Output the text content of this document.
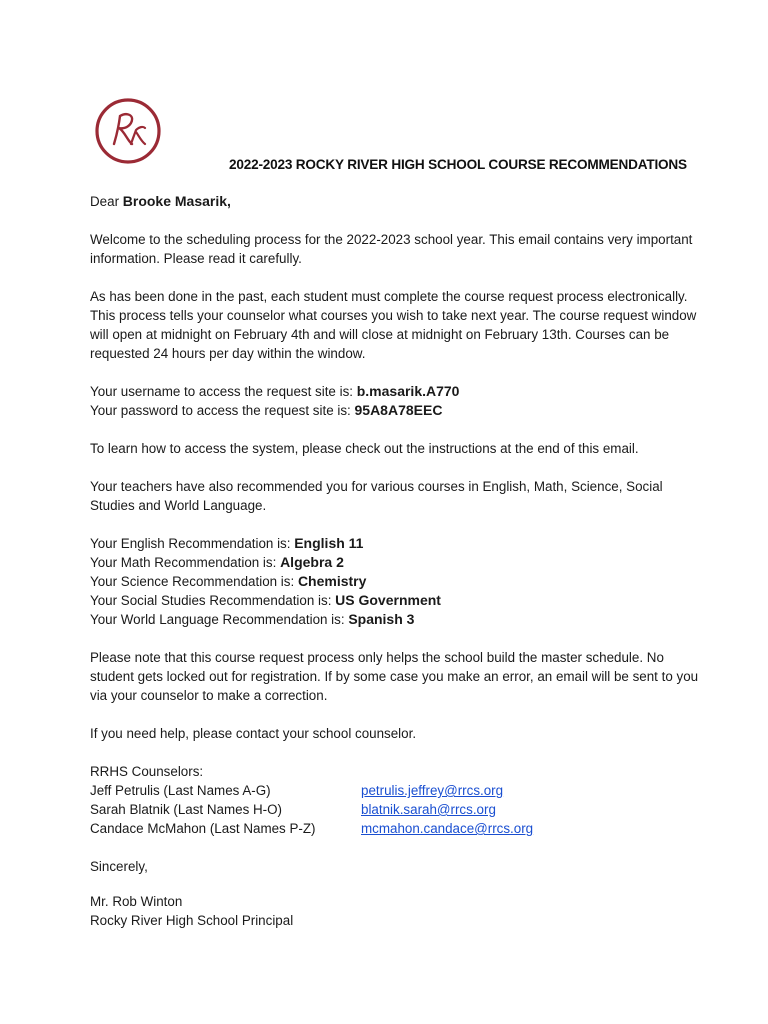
2022-2023 ROCKY RIVER HIGH SCHOOL COURSE RECOMMENDATIONS

Dear Brooke Masarik,

Welcome to the scheduling process for the 2022-2023 school year. This email contains very important information. Please read it carefully.

As has been done in the past, each student must complete the course request process electronically. This process tells your counselor what courses you wish to take next year. The course request window will open at midnight on February 4th and will close at midnight on February 13th. Courses can be requested 24 hours per day within the window.

Your username to access the request site is: b.masarik.A770

Your password to access the request site is: 95A8A78EEC

To learn how to access the system, please check out the instructions at the end of this email.

Your teachers have also recommended you for various courses in English, Math, Science, Social Studies and World Language.

Your English Recommendation is: English 11

Your Math Recommendation is: Algebra 2

Your Science Recommendation is: Chemistry

Your Social Studies Recommendation is: US Government

Your World Language Recommendation is: Spanish 3

Please note that this course request process only helps the school build the master schedule. No student gets locked out for registration. If by some case you make an error, an email will be sent to you via your counselor to make a correction.

If you need help, please contact your school counselor.

RRHS Counselors:

Jeff Petrulis (Last Names A-G)	petrulis.jeffrey@rrcs.org
Sarah Blatnik (Last Names H-O)	blatnik.sarah@rrcs.org
Candace McMahon (Last Names P-Z)	mcmahon.candace@rrcs.org

Sincerely,

Mr. Rob Winton

Rocky River High School Principal
